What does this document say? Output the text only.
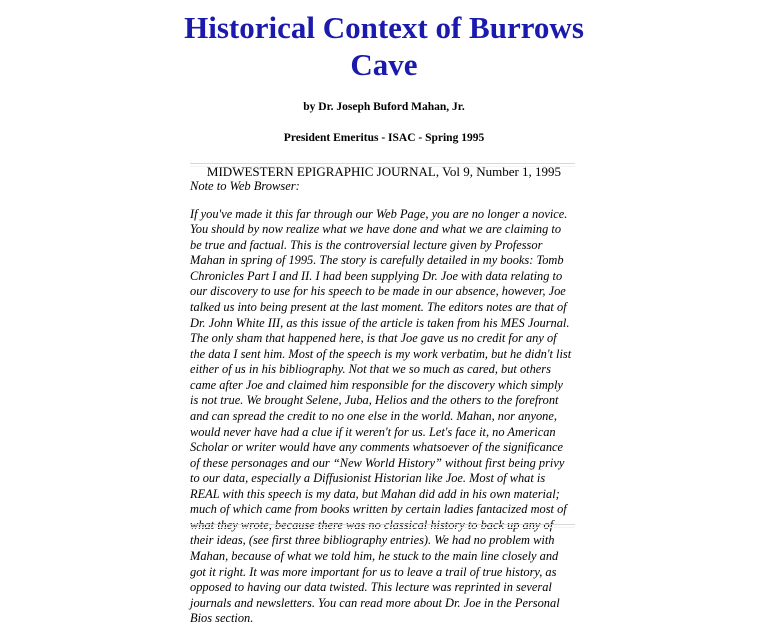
Historical Context of Burrows Cave
by Dr. Joseph Buford Mahan, Jr.
President Emeritus - ISAC - Spring 1995
MIDWESTERN EPIGRAPHIC JOURNAL, Vol 9, Number 1, 1995

Note to Web Browser:

If you've made it this far through our Web Page, you are no longer a novice. You should by now realize what we have done and what we are claiming to be true and factual. This is the controversial lecture given by Professor Mahan in spring of 1995. The story is carefully detailed in my books: Tomb Chronicles Part I and II. I had been supplying Dr. Joe with data relating to our discovery to use for his speech to be made in our absence, however, Joe talked us into being present at the last moment. The editors notes are that of Dr. John White III, as this issue of the article is taken from his MES Journal. The only sham that happened here, is that Joe gave us no credit for any of the data I sent him. Most of the speech is my work verbatim, but he didn't list either of us in his bibliography. Not that we so much as cared, but others came after Joe and claimed him responsible for the discovery which simply is not true. We brought Selene, Juba, Helios and the others to the forefront and can spread the credit to no one else in the world. Mahan, nor anyone, would never have had a clue if it weren't for us. Let's face it, no American Scholar or writer would have any comments whatsoever of the significance of these personages and our “New World History” without first being privy to our data, especially a Diffusionist Historian like Joe. Most of what is REAL with this speech is my data, but Mahan did add in his own material; much of which came from books written by certain ladies fantacized most of what they wrote, because there was no classical history to back up any of their ideas, (see first three bibliography entries). We had no problem with Mahan, because of what we told him, he stuck to the main line closely and got it right. It was more important for us to leave a trail of true history, as opposed to having our data twisted. This lecture was reprinted in several journals and newsletters. You can read more about Dr. Joe in the Personal Bios section.
